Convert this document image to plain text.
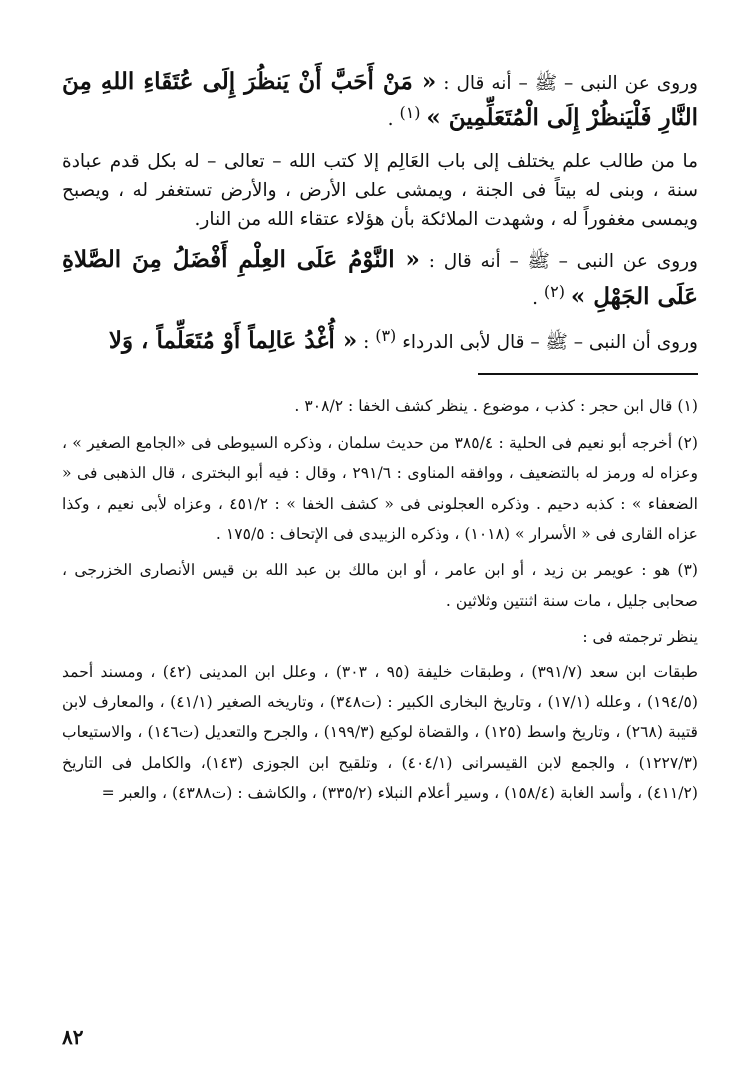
وروى عن النبى – ﷺ – أنه قال : « مَنْ أَحَبَّ أَنْ يَنظُرَ إِلَى عُتَقَاءِ اللهِ مِنَ النَّارِ فَلْيَنظُرْ إِلَى الْمُتَعَلِّمِينَ » (١) .

ما من طالب علم يختلف إلى باب العَالِم إلا كتب الله – تعالى – له بكل قدم عبادة سنة ، وبنى له بيتاً فى الجنة ، ويمشى على الأرض ، والأرض تستغفر له ، ويصبح ويمسى مغفوراً له ، وشهدت الملائكة بأن هؤلاء عتقاء الله من النار.

وروى عن النبى – ﷺ – أنه قال : « النَّوْمُ عَلَى العِلْمِ أَفْضَلُ مِنَ الصَّلاةِ عَلَى الجَهْلِ » (٢) .

وروى أن النبى – ﷺ – قال لأبى الدرداء (٣) : « أُغْدُ عَالِماً أَوْ مُتَعَلِّماً ، وَلا

(١) قال ابن حجر : كذب ، موضوع . ينظر كشف الخفا : ٣٠٨/٢ .

(٢) أخرجه أبو نعيم فى الحلية : ٣٨٥/٤ من حديث سلمان ، وذكره السيوطى فى «الجامع الصغير » ، وعزاه له ورمز له بالتضعيف ، ووافقه المناوى : ٢٩١/٦ ، وقال : فيه أبو البخترى ، قال الذهبى فى « الضعفاء » : كذبه دحيم . وذكره العجلونى فى « كشف الخفا » : ٤٥١/٢ ، وعزاه لأبى نعيم ، وكذا عزاه القارى فى « الأسرار » (١٠١٨) ، وذكره الزبيدى فى الإتحاف : ١٧٥/٥ .

(٣) هو : عويمر بن زيد ، أو ابن عامر ، أو ابن مالك بن عبد الله بن قيس الأنصارى الخزرجى ، صحابى جليل ، مات سنة اثنتين وثلاثين .

ينظر ترجمته فى :

طبقات ابن سعد (٣٩١/٧) ، وطبقات خليفة (٩٥ ، ٣٠٣) ، وعلل ابن المدينى (٤٢) ، ومسند أحمد (١٩٤/٥) ، وعلله (١٧/١) ، وتاريخ البخارى الكبير : (ت٣٤٨) ، وتاريخه الصغير (٤١/١) ، والمعارف لابن قتيبة (٢٦٨) ، وتاريخ واسط (١٢٥) ، والقضاة لوكيع (١٩٩/٣) ، والجرح والتعديل (ت١٤٦) ، والاستيعاب (١٢٢٧/٣) ، والجمع لابن القيسرانى (٤٠٤/١) ، وتلقيح ابن الجوزى (١٤٣)، والكامل فى التاريخ (٤١١/٢) ، وأسد الغابة (١٥٨/٤) ، وسير أعلام النبلاء (٣٣٥/٢) ، والكاشف : (ت٤٣٨٨) ، والعبر =

٨٢
